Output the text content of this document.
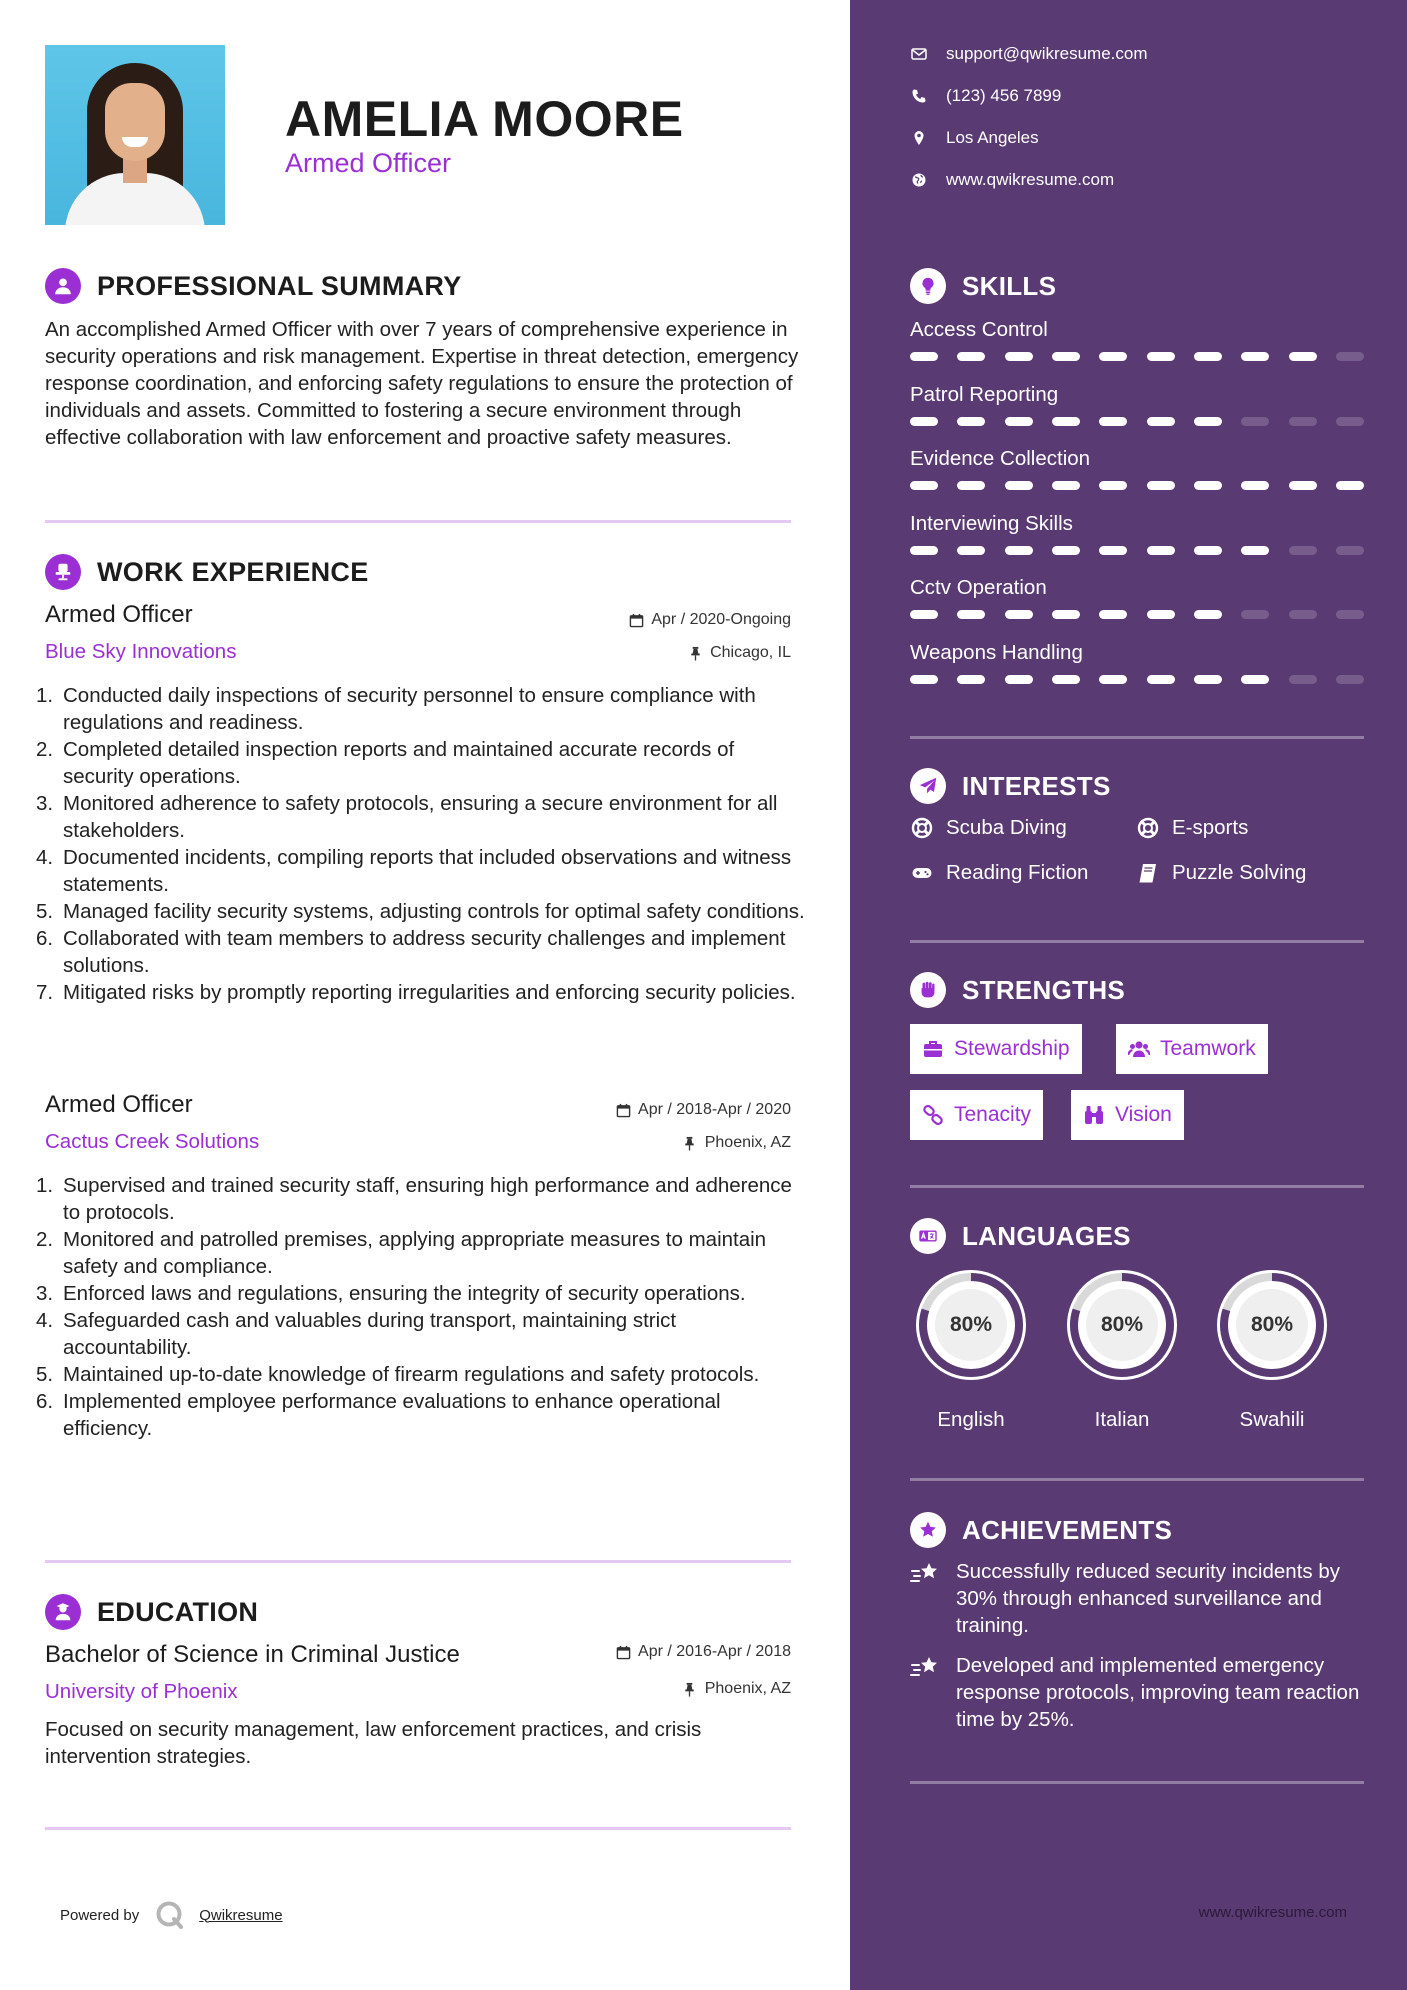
AMELIA MOORE
Armed Officer
PROFESSIONAL SUMMARY
An accomplished Armed Officer with over 7 years of comprehensive experience in security operations and risk management. Expertise in threat detection, emergency response coordination, and enforcing safety regulations to ensure the protection of individuals and assets. Committed to fostering a secure environment through effective collaboration with law enforcement and proactive safety measures.
WORK EXPERIENCE
Armed Officer	Apr / 2020-Ongoing
Blue Sky Innovations	Chicago, IL
1. Conducted daily inspections of security personnel to ensure compliance with regulations and readiness.
2. Completed detailed inspection reports and maintained accurate records of security operations.
3. Monitored adherence to safety protocols, ensuring a secure environment for all stakeholders.
4. Documented incidents, compiling reports that included observations and witness statements.
5. Managed facility security systems, adjusting controls for optimal safety conditions.
6. Collaborated with team members to address security challenges and implement solutions.
7. Mitigated risks by promptly reporting irregularities and enforcing security policies.
Armed Officer	Apr / 2018-Apr / 2020
Cactus Creek Solutions	Phoenix, AZ
1. Supervised and trained security staff, ensuring high performance and adherence to protocols.
2. Monitored and patrolled premises, applying appropriate measures to maintain safety and compliance.
3. Enforced laws and regulations, ensuring the integrity of security operations.
4. Safeguarded cash and valuables during transport, maintaining strict accountability.
5. Maintained up-to-date knowledge of firearm regulations and safety protocols.
6. Implemented employee performance evaluations to enhance operational efficiency.
EDUCATION
Bachelor of Science in Criminal Justice	Apr / 2016-Apr / 2018
University of Phoenix	Phoenix, AZ
Focused on security management, law enforcement practices, and crisis intervention strategies.
Powered by	Qwikresume
support@qwikresume.com
(123) 456 7899
Los Angeles
www.qwikresume.com
SKILLS
Access Control
Patrol Reporting
Evidence Collection
Interviewing Skills
Cctv Operation
Weapons Handling
INTERESTS
Scuba Diving	E-sports
Reading Fiction	Puzzle Solving
STRENGTHS
Stewardship	Teamwork
Tenacity	Vision
LANGUAGES
80%
English
80%
Italian
80%
Swahili
ACHIEVEMENTS
Successfully reduced security incidents by 30% through enhanced surveillance and training.
Developed and implemented emergency response protocols, improving team reaction time by 25%.
www.qwikresume.com
